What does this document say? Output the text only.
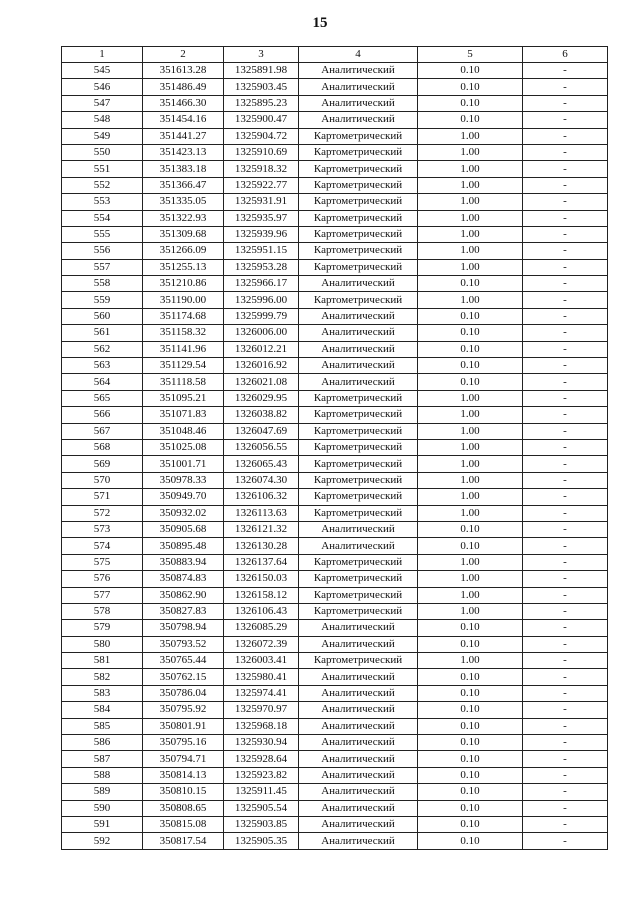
15
1	2	3	4	5	6
545	351613.28	1325891.98	Аналитический	0.10	-
546	351486.49	1325903.45	Аналитический	0.10	-
547	351466.30	1325895.23	Аналитический	0.10	-
548	351454.16	1325900.47	Аналитический	0.10	-
549	351441.27	1325904.72	Картометрический	1.00	-
550	351423.13	1325910.69	Картометрический	1.00	-
551	351383.18	1325918.32	Картометрический	1.00	-
552	351366.47	1325922.77	Картометрический	1.00	-
553	351335.05	1325931.91	Картометрический	1.00	-
554	351322.93	1325935.97	Картометрический	1.00	-
555	351309.68	1325939.96	Картометрический	1.00	-
556	351266.09	1325951.15	Картометрический	1.00	-
557	351255.13	1325953.28	Картометрический	1.00	-
558	351210.86	1325966.17	Аналитический	0.10	-
559	351190.00	1325996.00	Картометрический	1.00	-
560	351174.68	1325999.79	Аналитический	0.10	-
561	351158.32	1326006.00	Аналитический	0.10	-
562	351141.96	1326012.21	Аналитический	0.10	-
563	351129.54	1326016.92	Аналитический	0.10	-
564	351118.58	1326021.08	Аналитический	0.10	-
565	351095.21	1326029.95	Картометрический	1.00	-
566	351071.83	1326038.82	Картометрический	1.00	-
567	351048.46	1326047.69	Картометрический	1.00	-
568	351025.08	1326056.55	Картометрический	1.00	-
569	351001.71	1326065.43	Картометрический	1.00	-
570	350978.33	1326074.30	Картометрический	1.00	-
571	350949.70	1326106.32	Картометрический	1.00	-
572	350932.02	1326113.63	Картометрический	1.00	-
573	350905.68	1326121.32	Аналитический	0.10	-
574	350895.48	1326130.28	Аналитический	0.10	-
575	350883.94	1326137.64	Картометрический	1.00	-
576	350874.83	1326150.03	Картометрический	1.00	-
577	350862.90	1326158.12	Картометрический	1.00	-
578	350827.83	1326106.43	Картометрический	1.00	-
579	350798.94	1326085.29	Аналитический	0.10	-
580	350793.52	1326072.39	Аналитический	0.10	-
581	350765.44	1326003.41	Картометрический	1.00	-
582	350762.15	1325980.41	Аналитический	0.10	-
583	350786.04	1325974.41	Аналитический	0.10	-
584	350795.92	1325970.97	Аналитический	0.10	-
585	350801.91	1325968.18	Аналитический	0.10	-
586	350795.16	1325930.94	Аналитический	0.10	-
587	350794.71	1325928.64	Аналитический	0.10	-
588	350814.13	1325923.82	Аналитический	0.10	-
589	350810.15	1325911.45	Аналитический	0.10	-
590	350808.65	1325905.54	Аналитический	0.10	-
591	350815.08	1325903.85	Аналитический	0.10	-
592	350817.54	1325905.35	Аналитический	0.10	-
